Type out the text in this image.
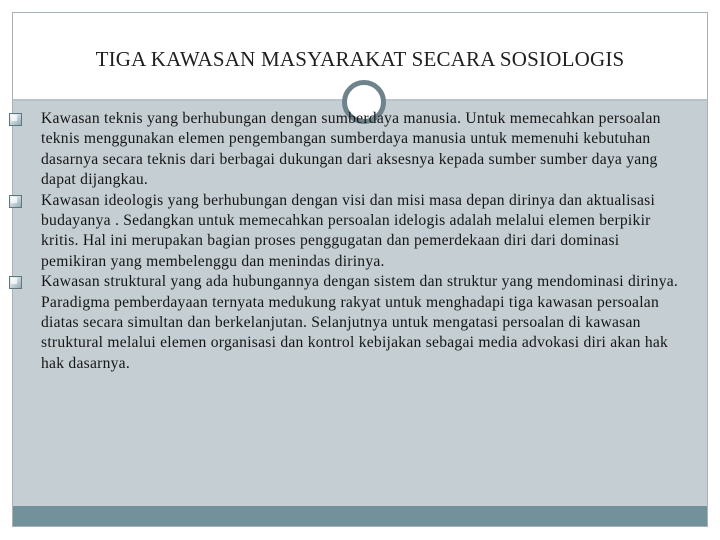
TIGA KAWASAN MASYARAKAT SECARA SOSIOLOGIS
Kawasan teknis yang berhubungan dengan sumberdaya manusia. Untuk memecahkan persoalan teknis menggunakan elemen pengembangan sumberdaya manusia untuk memenuhi kebutuhan dasarnya secara teknis dari berbagai dukungan dari aksesnya kepada sumber sumber daya yang dapat dijangkau.
Kawasan ideologis yang berhubungan dengan visi dan misi masa depan dirinya dan aktualisasi budayanya . Sedangkan untuk memecahkan persoalan idelogis adalah melalui elemen berpikir kritis. Hal ini merupakan bagian proses penggugatan dan pemerdekaan diri dari dominasi pemikiran yang membelenggu dan menindas dirinya.
Kawasan struktural yang ada hubungannya dengan sistem dan struktur yang mendominasi dirinya. Paradigma pemberdayaan ternyata medukung rakyat untuk menghadapi tiga kawasan persoalan diatas secara simultan dan berkelanjutan. Selanjutnya untuk mengatasi persoalan di kawasan struktural melalui elemen organisasi dan kontrol kebijakan sebagai media advokasi diri akan hak hak dasarnya.
